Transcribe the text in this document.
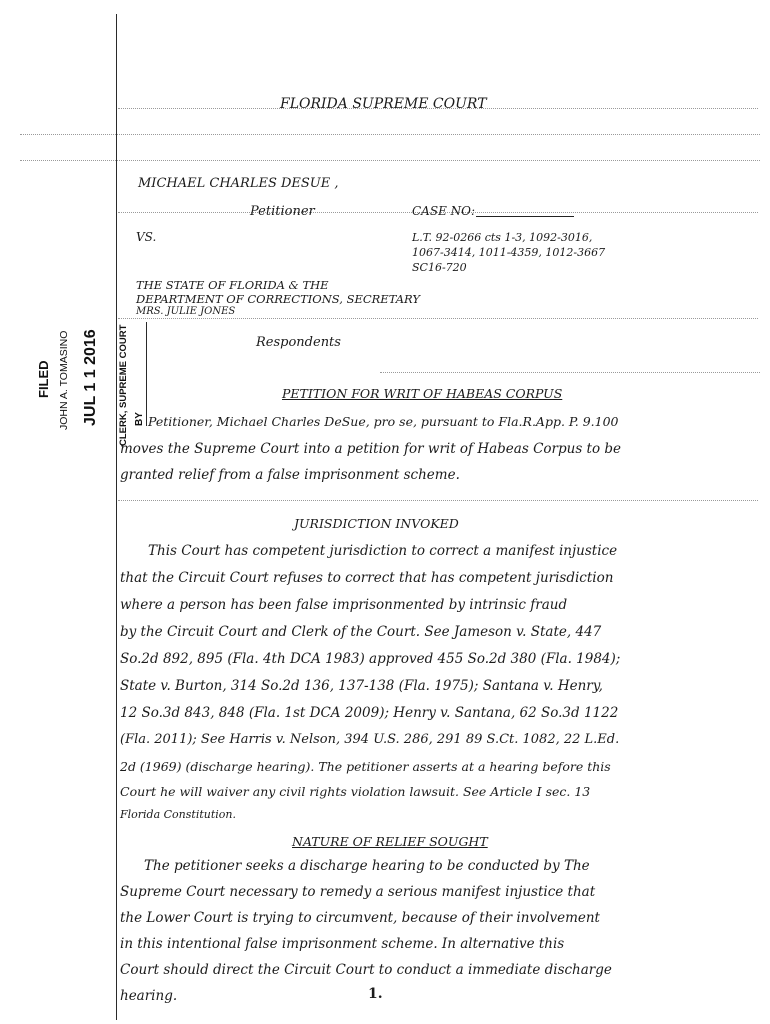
FLORIDA SUPREME COURT
MICHAEL CHARLES DESUE ,
Petitioner	CASE NO:
VS.	L.T. 92-0266 cts 1-3, 1092-3016,
1067-3414, 1011-4359, 1012-3667
SC16-720
THE STATE OF FLORIDA & THE
DEPARTMENT OF CORRECTIONS, SECRETARY
MRS. JULIE JONES
Respondents
FILED JOHN A. TOMASINO JUL 1 1 2016 CLERK, SUPREME COURT BY
PETITION FOR WRIT OF HABEAS CORPUS
Petitioner, Michael Charles DeSue, pro se, pursuant to Fla.R.App. P. 9.100
moves the Supreme Court into a petition for writ of Habeas Corpus to be
granted relief from a false imprisonment scheme.
JURISDICTION INVOKED
This Court has competent jurisdiction to correct a manifest injustice
that the Circuit Court refuses to correct that has competent jurisdiction
where a person has been false imprisonmented by intrinsic fraud
by the Circuit Court and Clerk of the Court. See Jameson v. State, 447
So.2d 892, 895 (Fla. 4th DCA 1983) approved 455 So.2d 380 (Fla. 1984);
State v. Burton, 314 So.2d 136, 137-138 (Fla. 1975); Santana v. Henry,
12 So.3d 843, 848 (Fla. 1st DCA 2009); Henry v. Santana, 62 So.3d 1122
(Fla. 2011); See Harris v. Nelson, 394 U.S. 286, 291 89 S.Ct. 1082, 22 L.Ed.
2d (1969) (discharge hearing). The petitioner asserts at a hearing before this
Court he will waiver any civil rights violation lawsuit. See Article I sec. 13
Florida Constitution.
NATURE OF RELIEF SOUGHT
The petitioner seeks a discharge hearing to be conducted by The
Supreme Court necessary to remedy a serious manifest injustice that
the Lower Court is trying to circumvent, because of their involvement
in this intentional false imprisonment scheme. In alternative this
Court should direct the Circuit Court to conduct a immediate discharge
hearing.	1.
